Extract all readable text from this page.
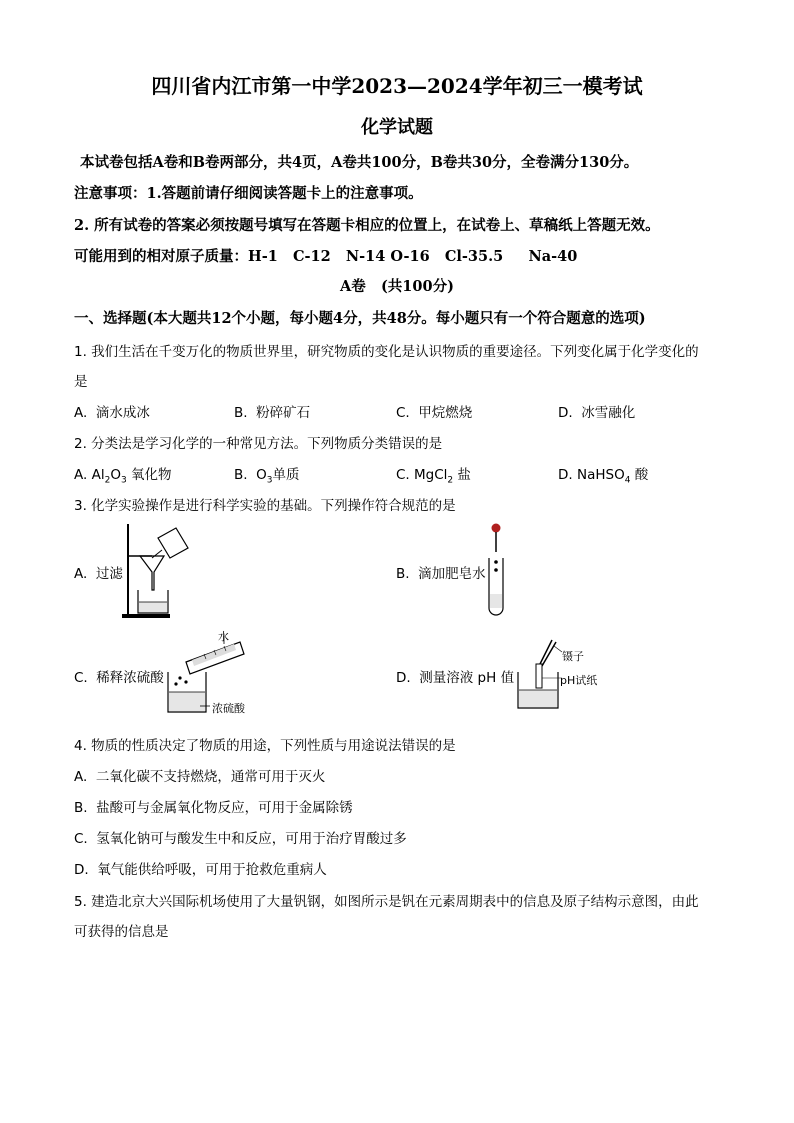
四川省内江市第一中学2023—2024学年初三一模考试
化学试题
本试卷包括A卷和B卷两部分，共4页，A卷共100分，B卷共30分，全卷满分130分。
注意事项：1.答题前请仔细阅读答题卡上的注意事项。
2. 所有试卷的答案必须按题号填写在答题卡相应的位置上，在试卷上、草稿纸上答题无效。
可能用到的相对原子质量：H-1   C-12   N-14 O-16   Cl-35.5     Na-40
A卷   (共100分)
一、选择题(本大题共12个小题，每小题4分，共48分。每小题只有一个符合题意的选项)
1. 我们生活在千变万化的物质世界里，研究物质的变化是认识物质的重要途径。下列变化属于化学变化的
是
A.  滴水成冰	B.  粉碎矿石	C.  甲烷燃烧	D.  冰雪融化
2. 分类法是学习化学的一种常见方法。下列物质分类错误的是
A. $Al_2O_3$ 氧化物	B.  $O_3$单质	C. MgCl$_2$ 盐	D. NaHSO$_4$ 酸
3. 化学实验操作是进行科学实验的基础。下列操作符合规范的是
A.  过滤	B.  滴加肥皂水
C.  稀释浓硫酸
水
浓硫酸
D.  测量溶液 pH 值
镊子
pH试纸
4. 物质的性质决定了物质的用途，下列性质与用途说法错误的是
A.  二氧化碳不支持燃烧，通常可用于灭火
B.  盐酸可与金属氧化物反应，可用于金属除锈
C.  氢氧化钠可与酸发生中和反应，可用于治疗胃酸过多
D.  氧气能供给呼吸，可用于抢救危重病人
5. 建造北京大兴国际机场使用了大量钒钢，如图所示是钒在元素周期表中的信息及原子结构示意图，由此
可获得的信息是
